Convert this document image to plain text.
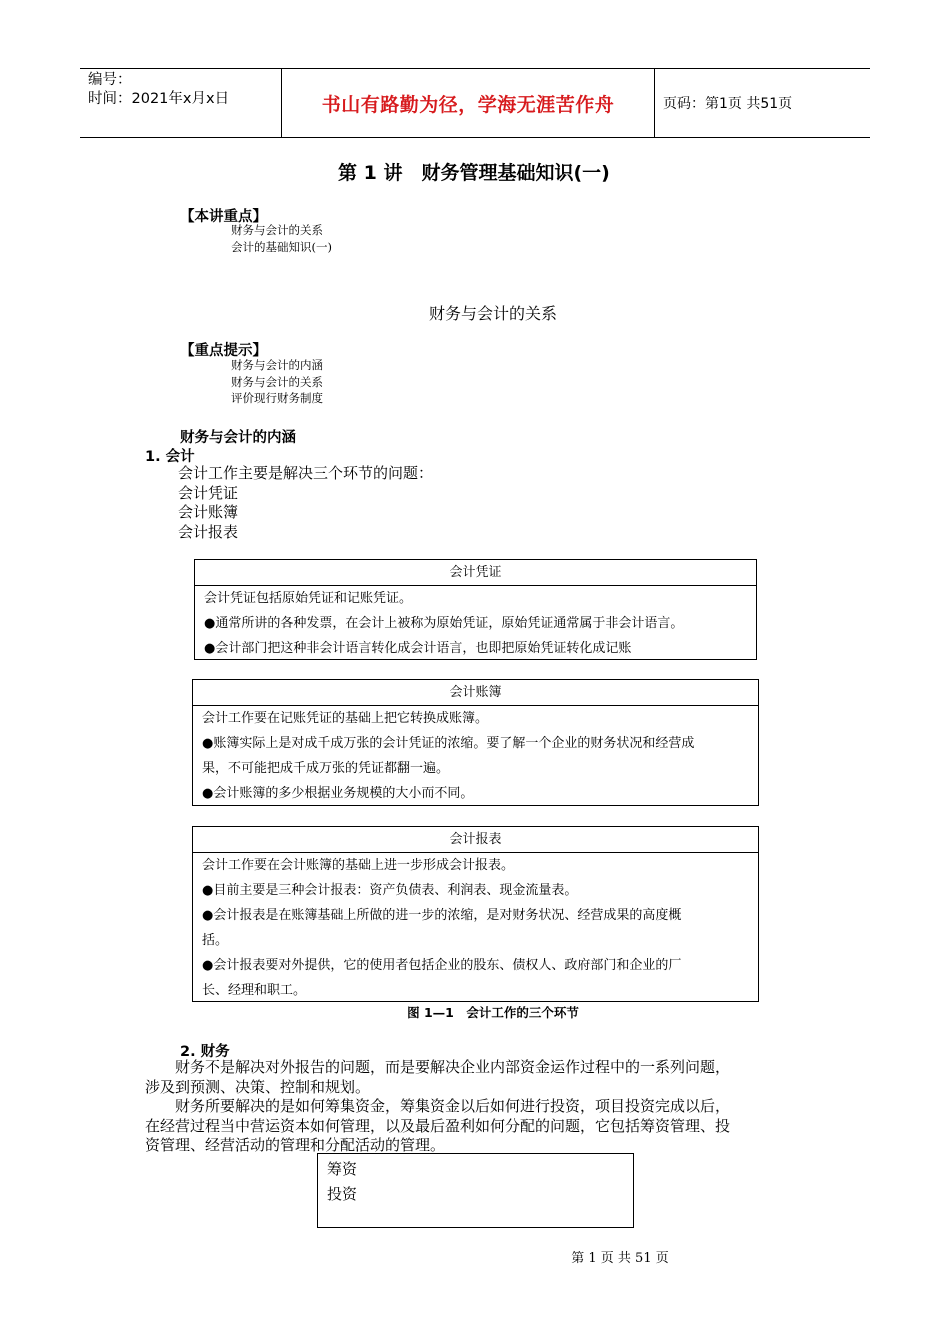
编号：
时间：2021年x月x日	书山有路勤为径，学海无涯苦作舟	页码：第1页 共51页
第 1 讲　财务管理基础知识(一)
【本讲重点】
财务与会计的关系
会计的基础知识(一)
财务与会计的关系
【重点提示】
财务与会计的内涵
财务与会计的关系
评价现行财务制度
财务与会计的内涵
1. 会计
会计工作主要是解决三个环节的问题：
会计凭证
会计账簿
会计报表
会计凭证
会计凭证包括原始凭证和记账凭证。
●通常所讲的各种发票，在会计上被称为原始凭证，原始凭证通常属于非会计语言。
●会计部门把这种非会计语言转化成会计语言，也即把原始凭证转化成记账
会计账簿
会计工作要在记账凭证的基础上把它转换成账簿。
●账簿实际上是对成千成万张的会计凭证的浓缩。要了解一个企业的财务状况和经营成
果，不可能把成千成万张的凭证都翻一遍。
●会计账簿的多少根据业务规模的大小而不同。
会计报表
会计工作要在会计账簿的基础上进一步形成会计报表。
●目前主要是三种会计报表：资产负债表、利润表、现金流量表。
●会计报表是在账簿基础上所做的进一步的浓缩，是对财务状况、经营成果的高度概
括。
●会计报表要对外提供，它的使用者包括企业的股东、债权人、政府部门和企业的厂
长、经理和职工。
图 1—1　会计工作的三个环节
2. 财务
财务不是解决对外报告的问题，而是要解决企业内部资金运作过程中的一系列问题，
涉及到预测、决策、控制和规划。
财务所要解决的是如何筹集资金，筹集资金以后如何进行投资，项目投资完成以后，
在经营过程当中营运资本如何管理，以及最后盈利如何分配的问题，它包括筹资管理、投
资管理、经营活动的管理和分配活动的管理。
筹资
投资
第 1 页 共 51 页
